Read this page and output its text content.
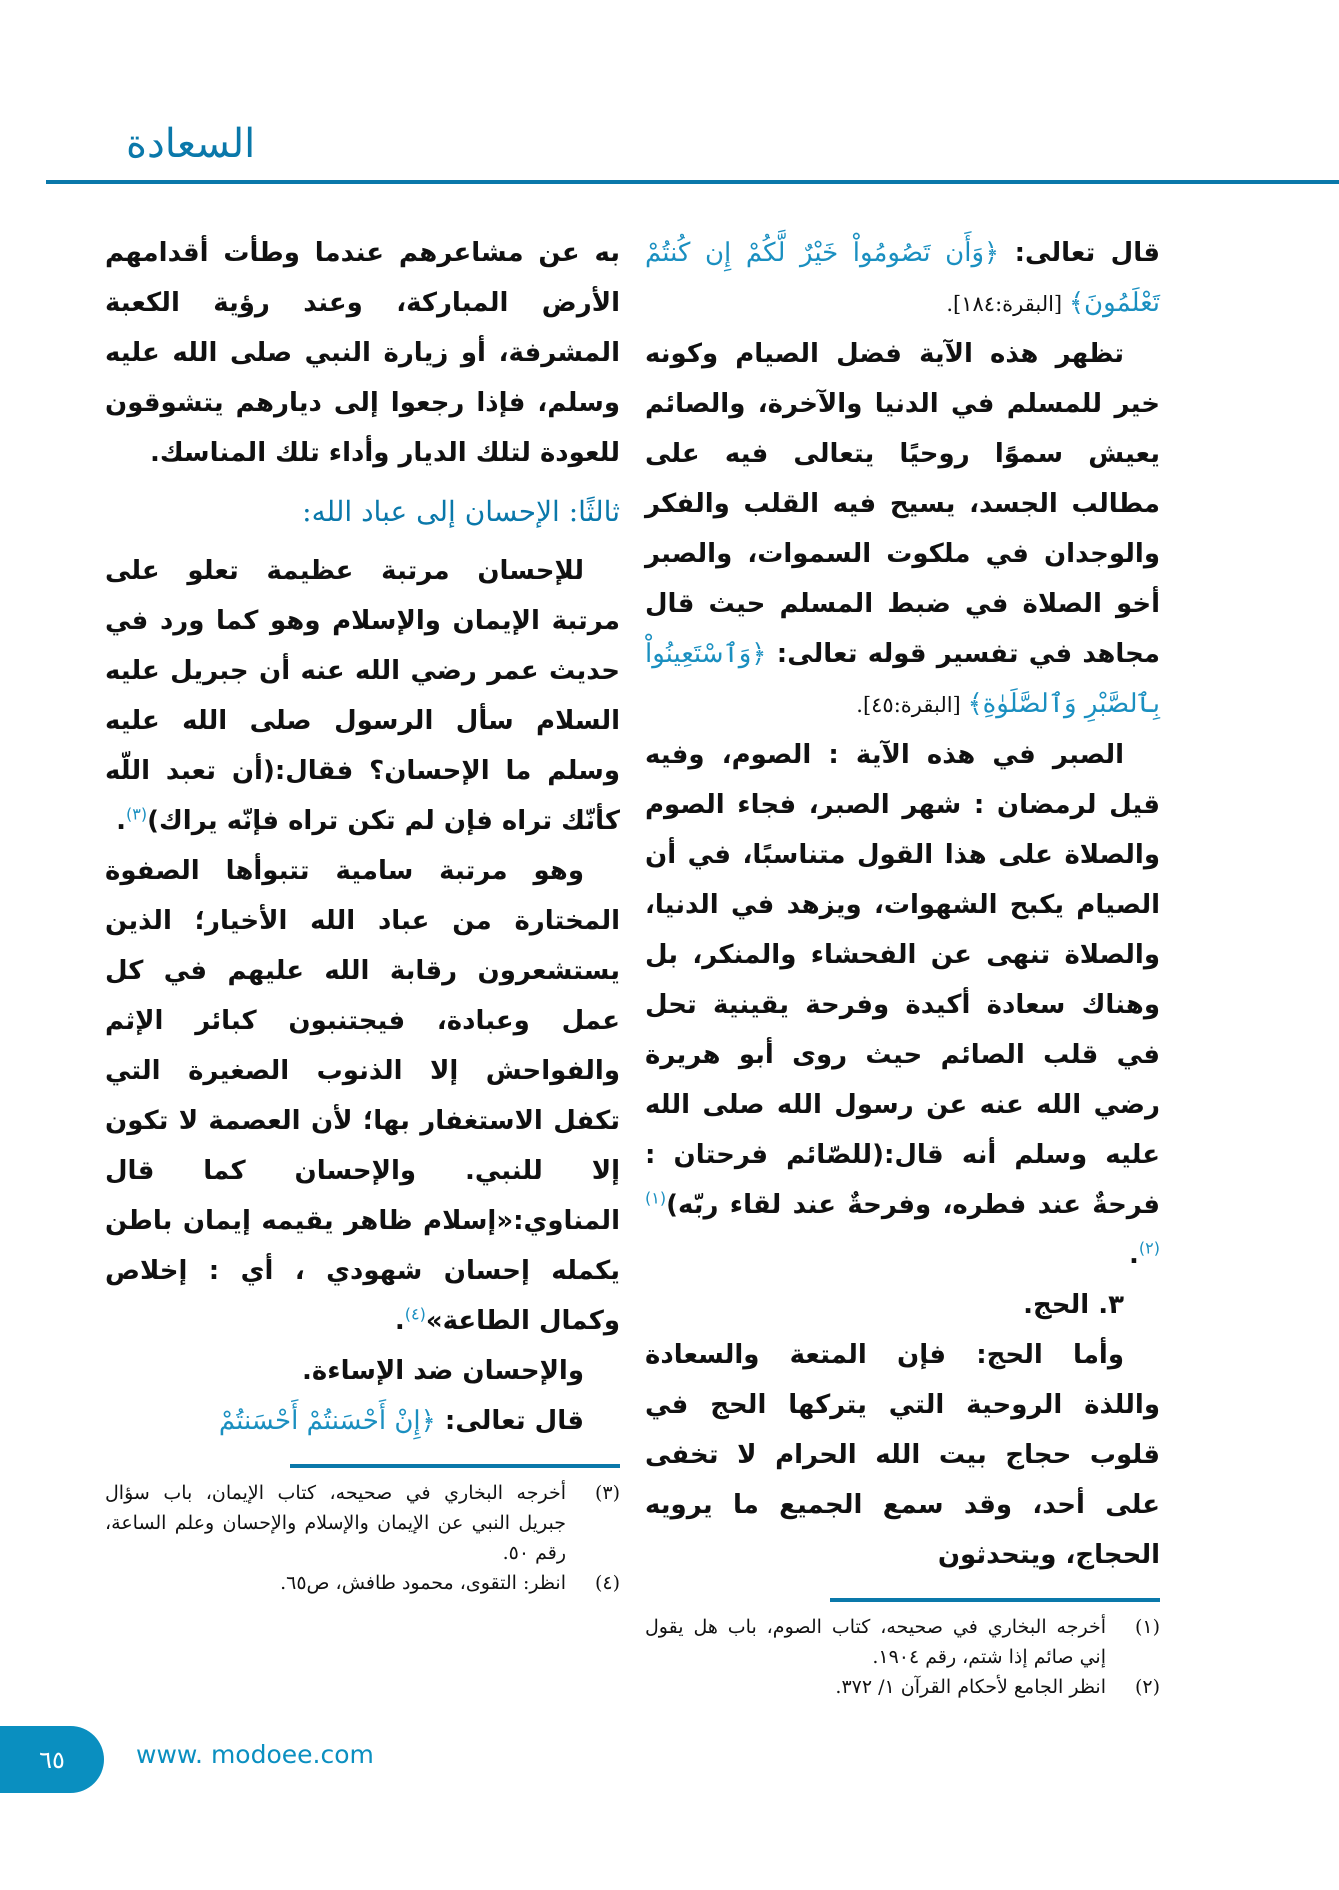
السعادة

به عن مشاعرهم عندما وطأت أقدامهم الأرض المباركة، وعند رؤية الكعبة المشرفة، أو زيارة النبي صلى الله عليه وسلم، فإذا رجعوا إلى ديارهم يتشوقون للعودة لتلك الديار وأداء تلك المناسك.

ثالثًا: الإحسان إلى عباد الله:

للإحسان مرتبة عظيمة تعلو على مرتبة الإيمان والإسلام وهو كما ورد في حديث عمر رضي الله عنه أن جبريل عليه السلام سأل الرسول صلى الله عليه وسلم ما الإحسان؟ فقال:(أن تعبد اللّه كأنّك تراه فإن لم تكن تراه فإنّه يراك)$^{(٣)}$.

وهو مرتبة سامية تتبوأها الصفوة المختارة من عباد الله الأخيار؛ الذين يستشعرون رقابة الله عليهم في كل عمل وعبادة، فيجتنبون كبائر الإثم والفواحش إلا الذنوب الصغيرة التي تكفل الاستغفار بها؛ لأن العصمة لا تكون إلا للنبي. والإحسان كما قال المناوي:«إسلام ظاهر يقيمه إيمان باطن يكمله إحسان شهودي ، أي : إخلاص وكمال الطاعة»$^{(٤)}$.

والإحسان ضد الإساءة.

قال تعالى: ﴿إِنْ أَحْسَنتُمْ أَحْسَنتُمْ

(٣)أخرجه البخاري في صحيحه، كتاب الإيمان، باب سؤال جبريل النبي عن الإيمان والإسلام والإحسان وعلم الساعة، رقم ٥٠.

(٤)انظر: التقوى، محمود طافش، ص٦٥.

قال تعالى: ﴿وَأَن تَصُومُواْ خَيْرٌ لَّكُمْ إِن كُنتُمْ تَعْلَمُونَ﴾ [البقرة:١٨٤].

تظهر هذه الآية فضل الصيام وكونه خير للمسلم في الدنيا والآخرة، والصائم يعيش سموًا روحيًا يتعالى فيه على مطالب الجسد، يسيح فيه القلب والفكر والوجدان في ملكوت السموات، والصبر أخو الصلاة في ضبط المسلم حيث قال مجاهد في تفسير قوله تعالى: ﴿وَٱسْتَعِينُواْ بِٱلصَّبْرِ وَٱلصَّلَوٰةِ﴾ [البقرة:٤٥].

الصبر في هذه الآية : الصوم، وفيه قيل لرمضان : شهر الصبر، فجاء الصوم والصلاة على هذا القول متناسبًا، في أن الصيام يكبح الشهوات، ويزهد في الدنيا، والصلاة تنهى عن الفحشاء والمنكر، بل وهناك سعادة أكيدة وفرحة يقينية تحل في قلب الصائم حيث روى أبو هريرة رضي الله عنه عن رسول الله صلى الله عليه وسلم أنه قال:(للصّائم فرحتان : فرحةٌ عند فطره، وفرحةٌ عند لقاء ربّه)$^{(١)(٢)}$.

٣. الحج.

وأما الحج: فإن المتعة والسعادة واللذة الروحية التي يتركها الحج في قلوب حجاج بيت الله الحرام لا تخفى على أحد، وقد سمع الجميع ما يرويه الحجاج، ويتحدثون

(١)أخرجه البخاري في صحيحه، كتاب الصوم، باب هل يقول إني صائم إذا شتم، رقم ١٩٠٤.

(٢)انظر الجامع لأحكام القرآن ١/ ٣٧٢.

٦٥	www. modoee.com
